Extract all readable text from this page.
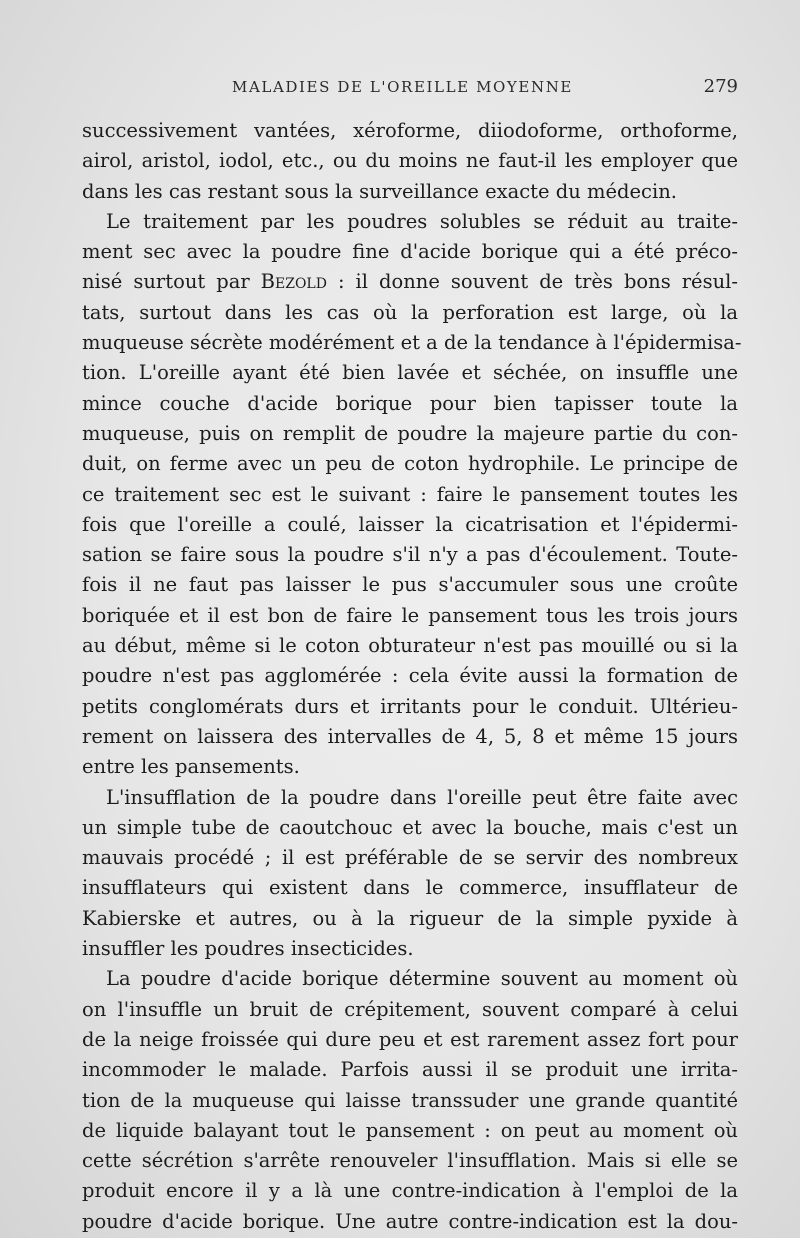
MALADIES DE L'OREILLE MOYENNE	279
successivement vantées, xéroforme, diiodoforme, orthoforme,
airol, aristol, iodol, etc., ou du moins ne faut-il les employer que
dans les cas restant sous la surveillance exacte du médecin.
Le traitement par les poudres solubles se réduit au traite-
ment sec avec la poudre fine d'acide borique qui a été préco-
nisé surtout par Bezold : il donne souvent de très bons résul-
tats, surtout dans les cas où la perforation est large, où la
muqueuse sécrète modérément et a de la tendance à l'épidermisa-
tion. L'oreille ayant été bien lavée et séchée, on insuffle une
mince couche d'acide borique pour bien tapisser toute la
muqueuse, puis on remplit de poudre la majeure partie du con-
duit, on ferme avec un peu de coton hydrophile. Le principe de
ce traitement sec est le suivant : faire le pansement toutes les
fois que l'oreille a coulé, laisser la cicatrisation et l'épidermi-
sation se faire sous la poudre s'il n'y a pas d'écoulement. Toute-
fois il ne faut pas laisser le pus s'accumuler sous une croûte
boriquée et il est bon de faire le pansement tous les trois jours
au début, même si le coton obturateur n'est pas mouillé ou si la
poudre n'est pas agglomérée : cela évite aussi la formation de
petits conglomérats durs et irritants pour le conduit. Ultérieu-
rement on laissera des intervalles de 4, 5, 8 et même 15 jours
entre les pansements.
L'insufflation de la poudre dans l'oreille peut être faite avec
un simple tube de caoutchouc et avec la bouche, mais c'est un
mauvais procédé ; il est préférable de se servir des nombreux
insufflateurs qui existent dans le commerce, insufflateur de
Kabierske et autres, ou à la rigueur de la simple pyxide à
insuffler les poudres insecticides.
La poudre d'acide borique détermine souvent au moment où
on l'insuffle un bruit de crépitement, souvent comparé à celui
de la neige froissée qui dure peu et est rarement assez fort pour
incommoder le malade. Parfois aussi il se produit une irrita-
tion de la muqueuse qui laisse transsuder une grande quantité
de liquide balayant tout le pansement : on peut au moment où
cette sécrétion s'arrête renouveler l'insufflation. Mais si elle se
produit encore il y a là une contre-indication à l'emploi de la
poudre d'acide borique. Une autre contre-indication est la dou-
